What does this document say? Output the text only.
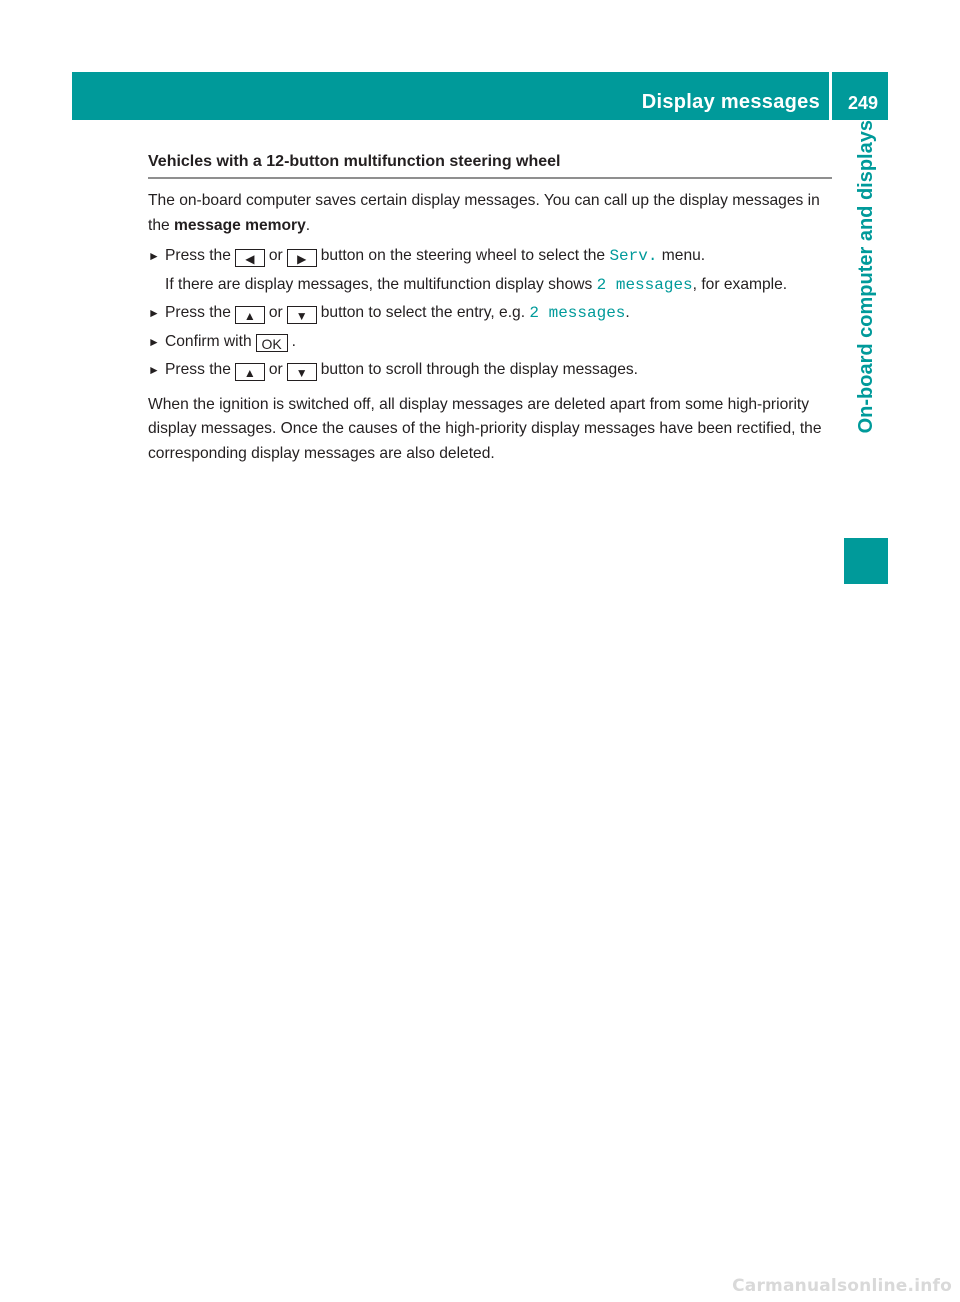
Display messages 249
On-board computer and displays
Vehicles with a 12-button multifunction steering wheel

The on-board computer saves certain display messages. You can call up the display messages in the message memory.

► Press the ◀ or ▶ button on the steering wheel to select the Serv. menu.
If there are display messages, the multifunction display shows 2 messages, for example.
► Press the ▲ or ▼ button to select the entry, e.g. 2 messages.
► Confirm with OK .
► Press the ▲ or ▼ button to scroll through the display messages.

When the ignition is switched off, all display messages are deleted apart from some high-priority display messages. Once the causes of the high-priority display messages have been rectified, the corresponding display messages are also deleted.

Carmanualsonline.info
